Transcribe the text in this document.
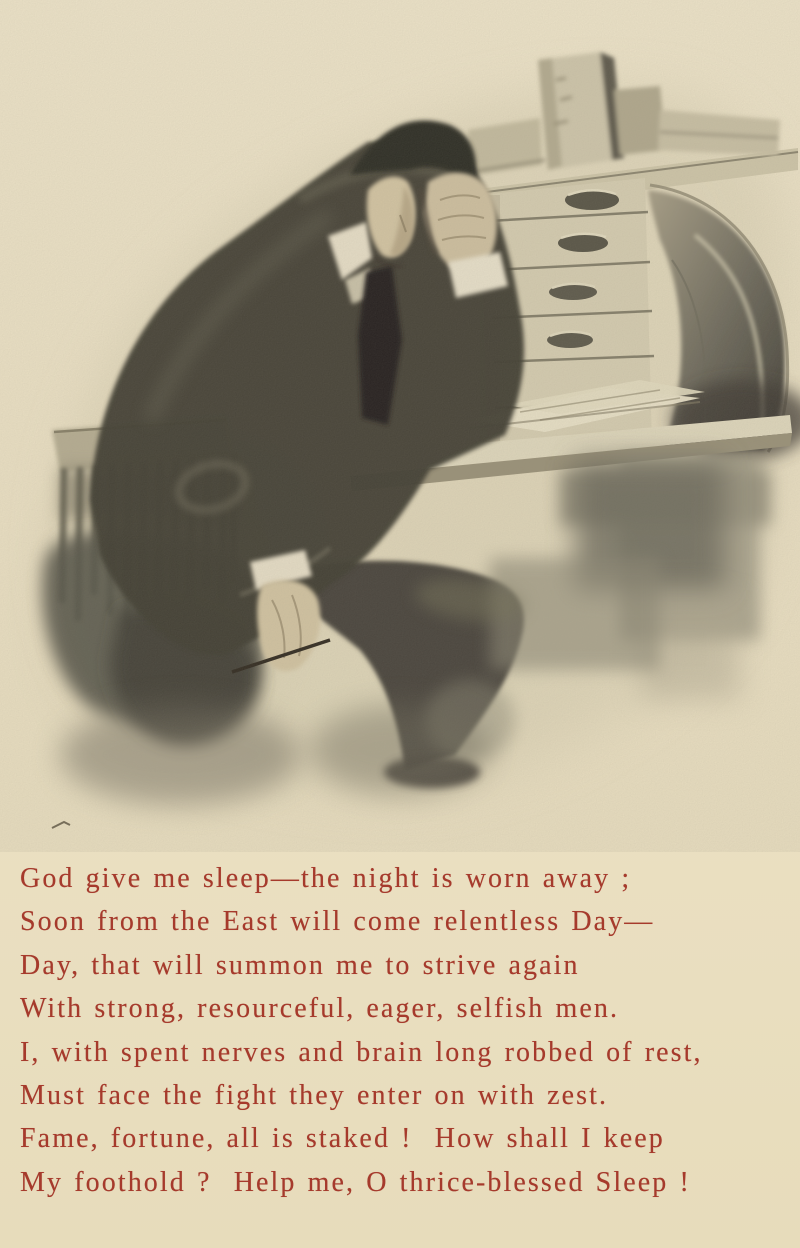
God give me sleep—the night is worn away ;

Soon from the East will come relentless Day—

Day, that will summon me to strive again

With strong, resourceful, eager, selfish men.

I, with spent nerves and brain long robbed of rest,

Must face the fight they enter on with zest.

Fame, fortune, all is staked !  How shall I keep

My foothold ?  Help me, O thrice-blessed Sleep !
